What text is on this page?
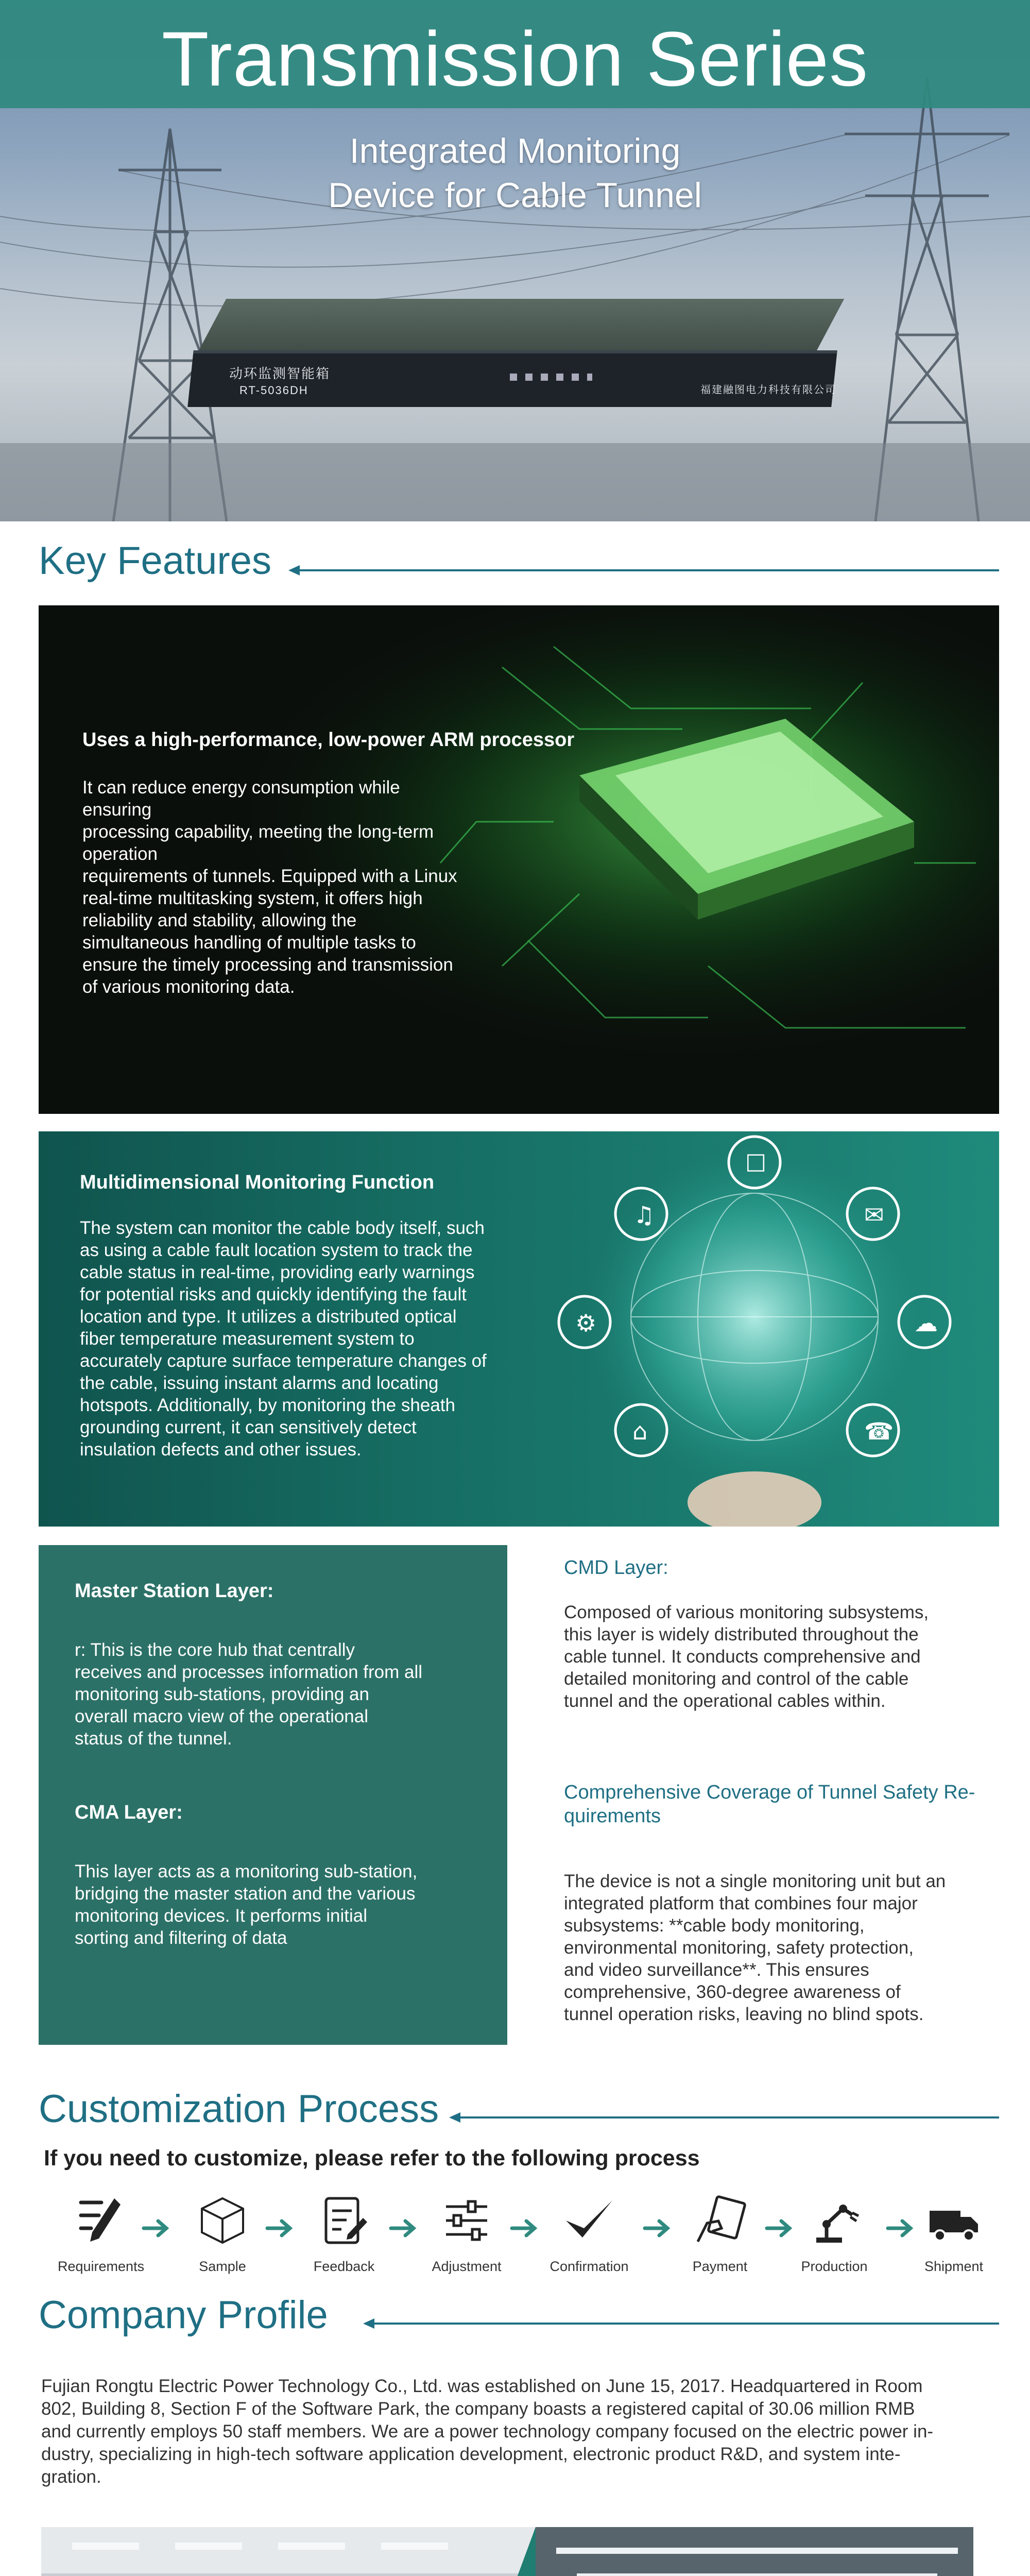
Transmission Series
Integrated Monitoring
Device for Cable Tunnel
动环监测智能箱
RT-5036DH	福建融图电力科技有限公司
Key Features
Uses a high-performance, low-power ARM processor
It can reduce energy consumption while
ensuring
processing capability, meeting the long-term
operation
requirements of tunnels. Equipped with a Linux
real-time multitasking system, it offers high
reliability and stability, allowing the
simultaneous handling of multiple tasks to
ensure the timely processing and transmission
of various monitoring data.
♫
☐
✉
⚙	☁
⌂	☎
Multidimensional Monitoring Function
The system can monitor the cable body itself, such
as using a cable fault location system to track the
cable status in real-time, providing early warnings
for potential risks and quickly identifying the fault
location and type. It utilizes a distributed optical
fiber temperature measurement system to
accurately capture surface temperature changes of
the cable, issuing instant alarms and locating
hotspots. Additionally, by monitoring the sheath
grounding current, it can sensitively detect
insulation defects and other issues.
Master Station Layer:
r: This is the core hub that centrally
receives and processes information from all
monitoring sub-stations, providing an
overall macro view of the operational
status of the tunnel.
CMA Layer:
This layer acts as a monitoring sub-station,
bridging the master station and the various
monitoring devices. It performs initial
sorting and filtering of data
CMD Layer:
Composed of various monitoring subsystems,
this layer is widely distributed throughout the
cable tunnel. It conducts comprehensive and
detailed monitoring and control of the cable
tunnel and the operational cables within.
Comprehensive Coverage of Tunnel Safety Re-
quirements
The device is not a single monitoring unit but an
integrated platform that combines four major
subsystems: **cable body monitoring,
environmental monitoring, safety protection,
and video surveillance**. This ensures
comprehensive, 360-degree awareness of
tunnel operation risks, leaving no blind spots.
Customization Process
If you need to customize, please refer to the following process
Requirements	Sample	Feedback	Adjustment	Confirmation	Payment	Production	Shipment
Company Profile
Fujian Rongtu Electric Power Technology Co., Ltd. was established on June 15, 2017. Headquartered in Room
802, Building 8, Section F of the Software Park, the company boasts a registered capital of 30.06 million RMB
and currently employs 50 staff members. We are a power technology company focused on the electric power in-
dustry, specializing in high-tech software application development, electronic product R&D, and system inte-
gration.
